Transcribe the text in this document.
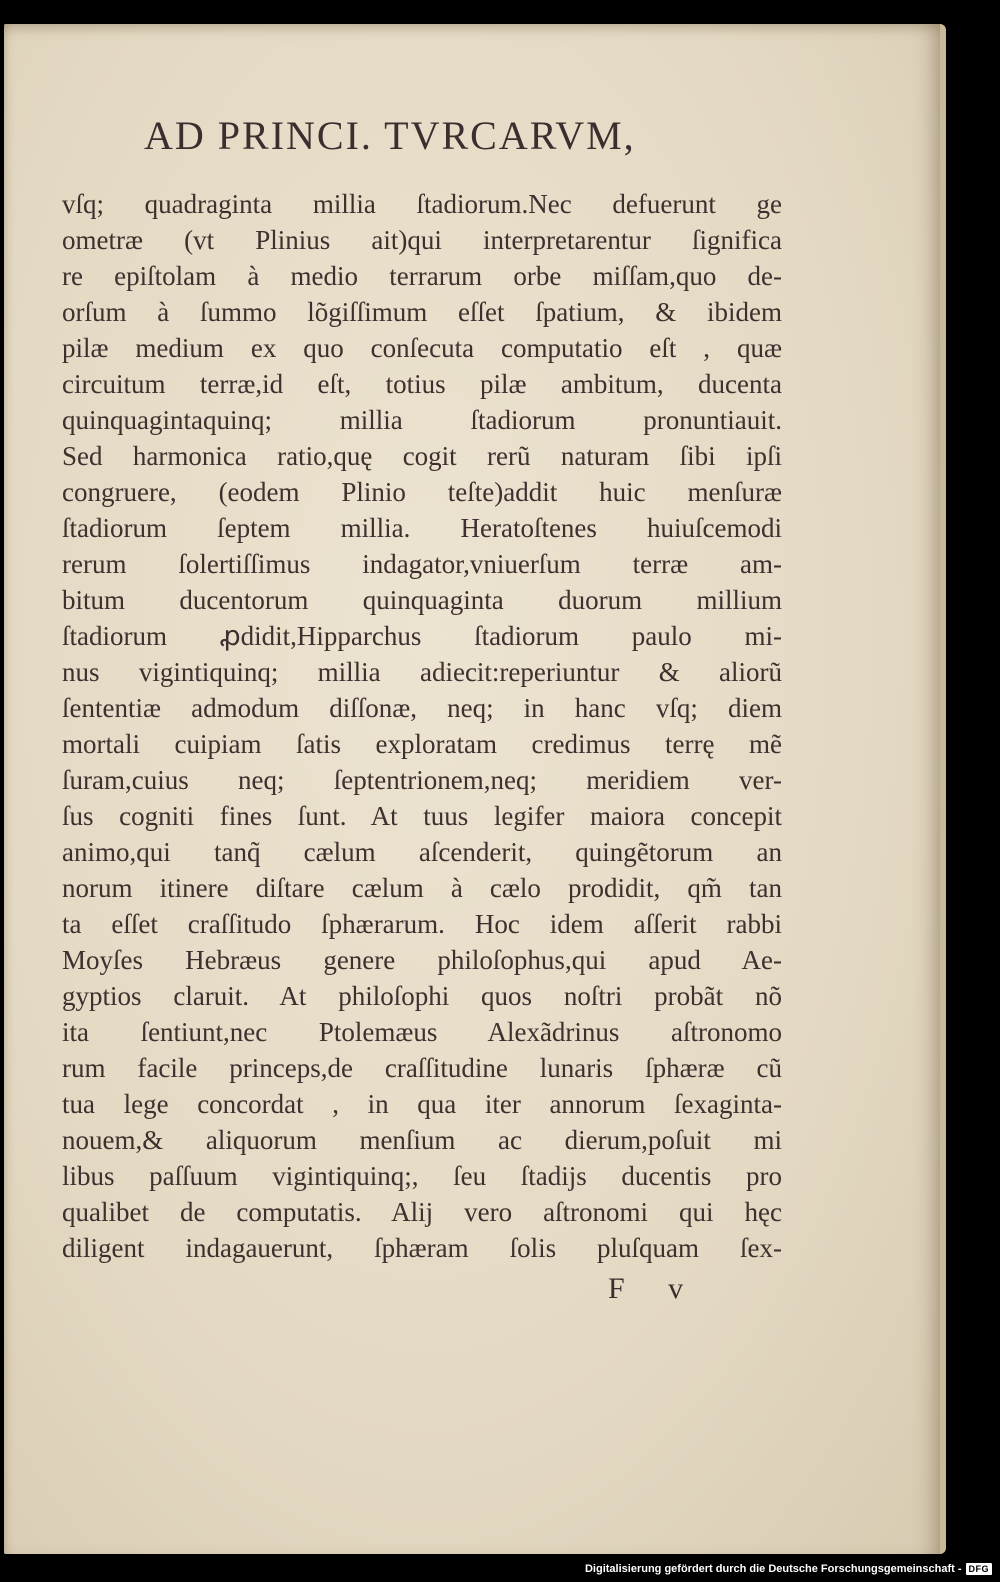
AD PRINCI. TVRCARVM,
vſq; quadraginta millia ſtadiorum.Nec defuerunt ge
ometræ (vt Plinius ait)qui interpretarentur ſignifica
re epiſtolam à medio terrarum orbe miſſam,quo de-
orſum à ſummo lõgiſſimum eſſet ſpatium, & ibidem
pilæ medium ex quo conſecuta computatio eſt , quæ
circuitum terræ,id eſt, totius pilæ ambitum, ducenta
quinquagintaquinq; millia ſtadiorum pronuntiauit.
Sed harmonica ratio,quę cogit rerũ naturam ſibi ipſi
congruere, (eodem Plinio teſte)addit huic menſuræ
ſtadiorum ſeptem millia. Heratoſtenes huiuſcemodi
rerum ſolertiſſimus indagator,vniuerſum terræ am-
bitum ducentorum quinquaginta duorum millium
ſtadiorum ꝓdidit,Hipparchus ſtadiorum paulo mi-
nus vigintiquinq; millia adiecit:reperiuntur & aliorũ
ſententiæ admodum diſſonæ, neq; in hanc vſq; diem
mortali cuipiam ſatis exploratam credimus terrę mẽ
ſuram,cuius neq; ſeptentrionem,neq; meridiem ver-
ſus cogniti fines ſunt. At tuus legifer maiora concepit
animo,qui tanq̃ cælum aſcenderit, quingẽtorum an
norum itinere diſtare cælum à cælo prodidit, qm̃ tan
ta eſſet craſſitudo ſphærarum. Hoc idem aſſerit rabbi
Moyſes Hebræus genere philoſophus,qui apud Ae-
gyptios claruit. At philoſophi quos noſtri probãt nõ
ita ſentiunt,nec Ptolemæus Alexãdrinus aſtronomo
rum facile princeps,de craſſitudine lunaris ſphæræ cũ
tua lege concordat , in qua iter annorum ſexaginta-
nouem,& aliquorum menſium ac dierum,poſuit mi
libus paſſuum vigintiquinq;, ſeu ſtadijs ducentis pro
qualibet de computatis. Alij vero aſtronomi qui hęc
diligent indagauerunt, ſphæram ſolis pluſquam ſex-
F v
Digitalisierung gefördert durch die Deutsche Forschungsgemeinschaft - DFG
